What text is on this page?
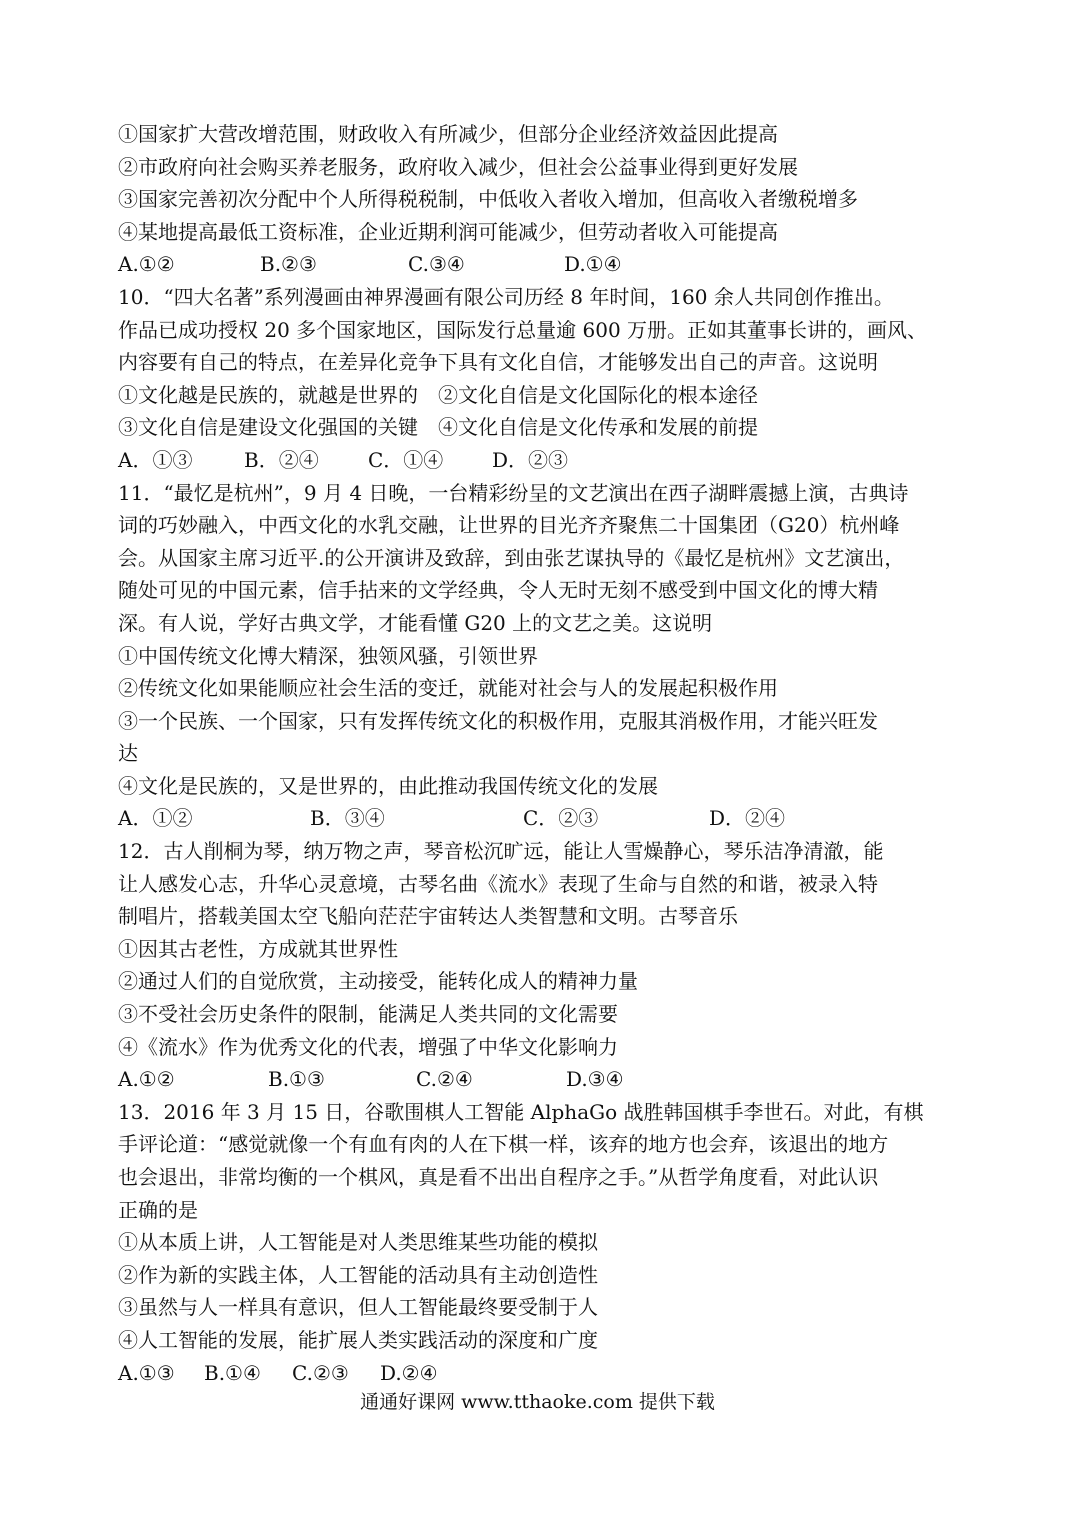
①国家扩大营改增范围，财政收入有所减少，但部分企业经济效益因此提高
②市政府向社会购买养老服务，政府收入减少，但社会公益事业得到更好发展
③国家完善初次分配中个人所得税税制，中低收入者收入增加，但高收入者缴税增多
④某地提高最低工资标准，企业近期利润可能减少，但劳动者收入可能提高
A.①②	B.②③	C.③④	D.①④
10．“四大名著”系列漫画由神界漫画有限公司历经 8 年时间，160 余人共同创作推出。
作品已成功授权 20 多个国家地区，国际发行总量逾 600 万册。正如其董事长讲的，画风、
内容要有自己的特点，在差异化竞争下具有文化自信，才能够发出自己的声音。这说明
①文化越是民族的，就越是世界的　②文化自信是文化国际化的根本途径
③文化自信是建设文化强国的关键　④文化自信是文化传承和发展的前提
A．①③	B．②④ C．①④ D．②③
11．“最忆是杭州”，9 月 4 日晚，一台精彩纷呈的文艺演出在西子湖畔震撼上演，古典诗
词的巧妙融入，中西文化的水乳交融，让世界的目光齐齐聚焦二十国集团（G20）杭州峰
会。从国家主席习近平.的公开演讲及致辞，到由张艺谋执导的《最忆是杭州》文艺演出，
随处可见的中国元素，信手拈来的文学经典，令人无时无刻不感受到中国文化的博大精
深。有人说，学好古典文学，才能看懂 G20 上的文艺之美。这说明
①中国传统文化博大精深，独领风骚，引领世界
②传统文化如果能顺应社会生活的变迁，就能对社会与人的发展起积极作用
③一个民族、一个国家，只有发挥传统文化的积极作用，克服其消极作用，才能兴旺发
达
④文化是民族的，又是世界的，由此推动我国传统文化的发展
A．①②	B．③④	C．②③	D．②④
12．古人削桐为琴，纳万物之声，琴音松沉旷远，能让人雪燥静心，琴乐洁净清澈，能
让人感发心志，升华心灵意境，古琴名曲《流水》表现了生命与自然的和谐，被录入特
制唱片，搭载美国太空飞船向茫茫宇宙转达人类智慧和文明。古琴音乐
①因其古老性，方成就其世界性
②通过人们的自觉欣赏，主动接受，能转化成人的精神力量
③不受社会历史条件的限制，能满足人类共同的文化需要
④《流水》作为优秀文化的代表，增强了中华文化影响力
A.①②	B.①③	C.②④	D.③④
13．2016 年 3 月 15 日，谷歌围棋人工智能 AlphaGo 战胜韩国棋手李世石。对此，有棋
手评论道：“感觉就像一个有血有肉的人在下棋一样，该弃的地方也会弃，该退出的地方
也会退出，非常均衡的一个棋风，真是看不出出自程序之手。”从哲学角度看，对此认识
正确的是
①从本质上讲，人工智能是对人类思维某些功能的模拟
②作为新的实践主体，人工智能的活动具有主动创造性
③虽然与人一样具有意识，但人工智能最终要受制于人
④人工智能的发展，能扩展人类实践活动的深度和广度
A.①③ B.①④ C.②③ D.②④
通通好课网 www.tthaoke.com 提供下载
